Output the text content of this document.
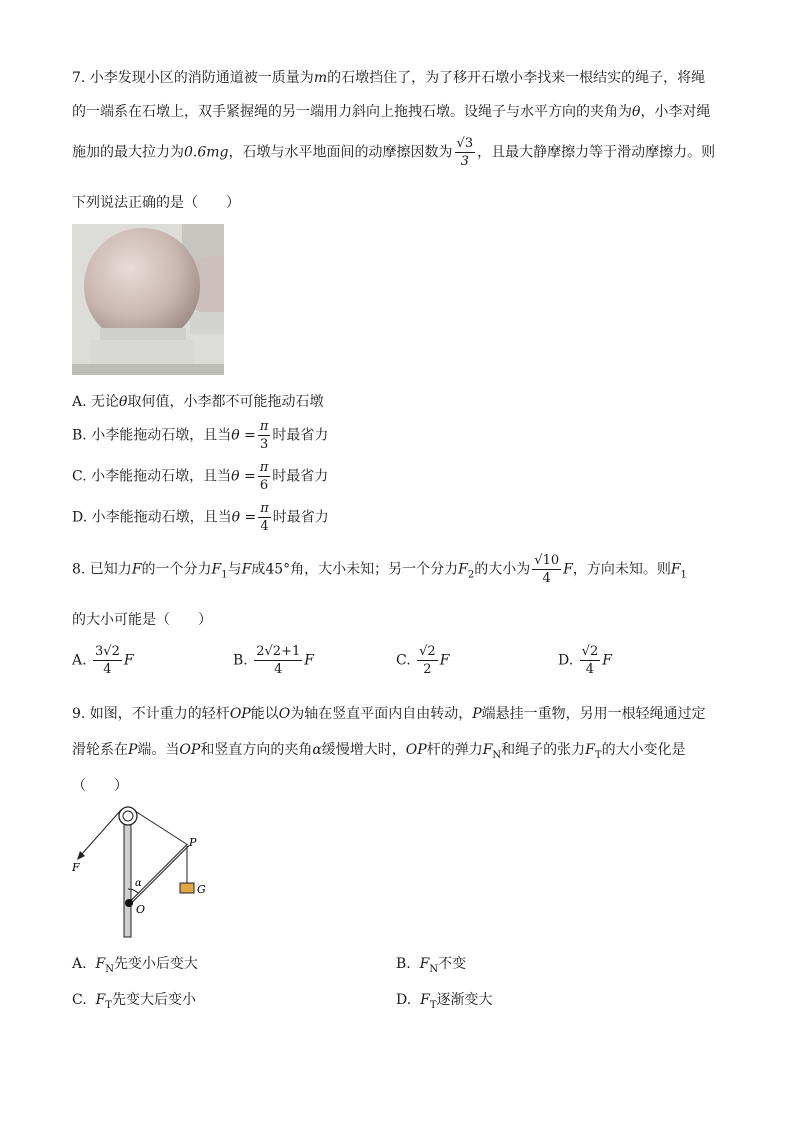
7. 小李发现小区的消防通道被一质量为m的石墩挡住了，为了移开石墩小李找来一根结实的绳子，将绳
的一端系在石墩上，双手紧握绳的另一端用力斜向上拖拽石墩。设绳子与水平方向的夹角为θ，小李对绳
施加的最大拉力为0.6mg，石墩与水平地面间的动摩擦因数为 $\frac{√3}{3}$ ，且最大静摩擦力等于滑动摩擦力。则
下列说法正确的是（　　）
A. 无论θ取何值，小李都不可能拖动石墩
B. 小李能拖动石墩，且当$\theta = \frac{\pi}{3}$ 时最省力
C. 小李能拖动石墩，且当$\theta = \frac{\pi}{6}$ 时最省力
D. 小李能拖动石墩，且当$\theta = \frac{\pi}{4}$ 时最省力
8. 已知力F的一个分力$F_1$与F成45°角，大小未知；另一个分力$F_2$的大小为 $\frac{√10}{4}$ F，方向未知。则$F_1$
的大小可能是（　　）
A. $\frac{3√2}{4}$ F	B. $\frac{2√2+1}{4}$ F	C. $\frac{√2}{2}$ F	D. $\frac{√2}{4}$ F
9. 如图，不计重力的轻杆OP能以O为轴在竖直平面内自由转动，P端悬挂一重物，另用一根轻绳通过定
滑轮系在P端。当OP和竖直方向的夹角α缓慢增大时，OP杆的弹力$F_N$和绳子的张力$F_T$的大小变化是
（　　）
F
P
α
O
G
A. $F_N$先变小后变大	B. $F_N$不变
C. $F_T$先变大后变小	D. $F_T$逐渐变大
